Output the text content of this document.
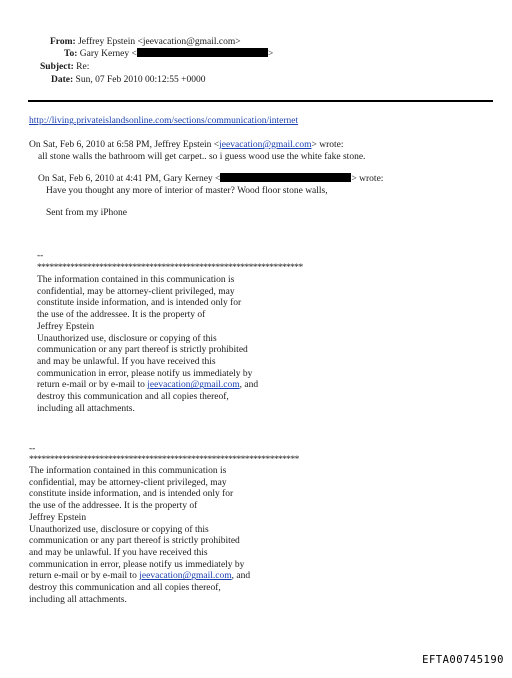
From: Jeffrey Epstein <jeevacation@gmail.com>
To: Gary Kerney <	>
Subject: Re:
Date: Sun, 07 Feb 2010 00:12:55 +0000
http://living.privateislandsonline.com/sections/communication/internet
On Sat, Feb 6, 2010 at 6:58 PM, Jeffrey Epstein <jeevacation@gmail.com> wrote:
all stone walls the bathroom will get carpet.. so i guess wood use the white fake stone.
On Sat, Feb 6, 2010 at 4:41 PM, Gary Kerney <	> wrote:
Have you thought any more of interior of master? Wood floor stone walls,
Sent from my iPhone
--
****************************************************************
The information contained in this communication is
confidential, may be attorney-client privileged, may
constitute inside information, and is intended only for
the use of the addressee. It is the property of
Jeffrey Epstein
Unauthorized use, disclosure or copying of this
communication or any part thereof is strictly prohibited
and may be unlawful. If you have received this
communication in error, please notify us immediately by
return e-mail or by e-mail to jeevacation@gmail.com, and
destroy this communication and all copies thereof,
including all attachments.
--
*****************************************************************
The information contained in this communication is
confidential, may be attorney-client privileged, may
constitute inside information, and is intended only for
the use of the addressee. It is the property of
Jeffrey Epstein
Unauthorized use, disclosure or copying of this
communication or any part thereof is strictly prohibited
and may be unlawful. If you have received this
communication in error, please notify us immediately by
return e-mail or by e-mail to jeevacation@gmail.com, and
destroy this communication and all copies thereof,
including all attachments.
EFTA00745190
